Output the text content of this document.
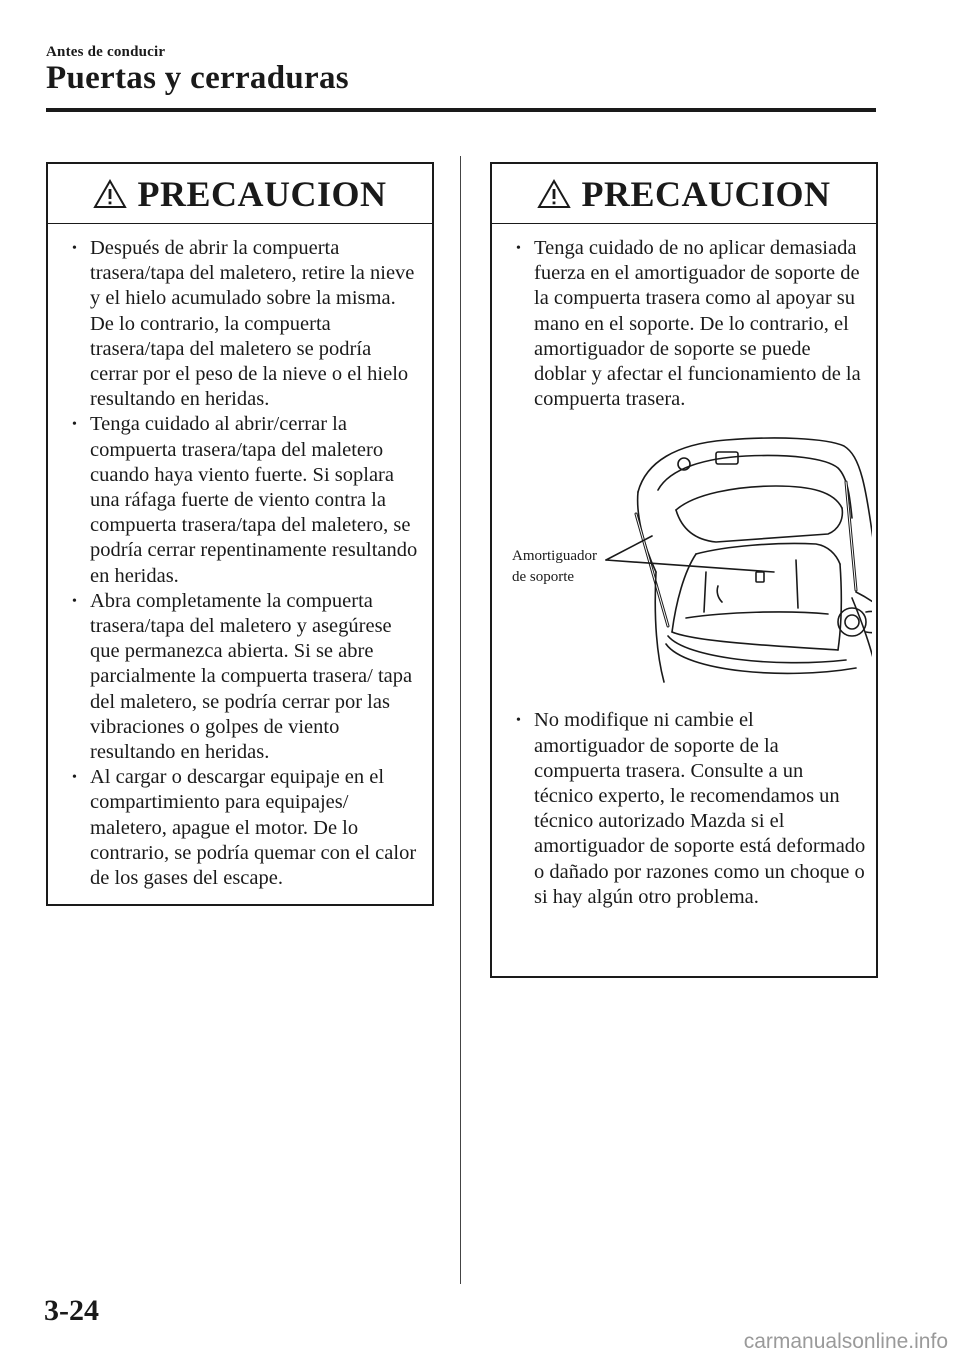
Antes de conducir
Puertas y cerraduras
PRECAUCION
• Después de abrir la compuerta trasera/tapa del maletero, retire la nieve y el hielo acumulado sobre la misma. De lo contrario, la compuerta trasera/tapa del maletero se podría cerrar por el peso de la nieve o el hielo resultando en heridas.
• Tenga cuidado al abrir/cerrar la compuerta trasera/tapa del maletero cuando haya viento fuerte. Si soplara una ráfaga fuerte de viento contra la compuerta trasera/tapa del maletero, se podría cerrar repentinamente resultando en heridas.
• Abra completamente la compuerta trasera/tapa del maletero y asegúrese que permanezca abierta. Si se abre parcialmente la compuerta trasera/ tapa del maletero, se podría cerrar por las vibraciones o golpes de viento resultando en heridas.
• Al cargar o descargar equipaje en el compartimiento para equipajes/ maletero, apague el motor. De lo contrario, se podría quemar con el calor de los gases del escape.
PRECAUCION
• Tenga cuidado de no aplicar demasiada fuerza en el amortiguador de soporte de la compuerta trasera como al apoyar su mano en el soporte. De lo contrario, el amortiguador de soporte se puede doblar y afectar el funcionamiento de la compuerta trasera.
Amortiguador
de soporte
• No modifique ni cambie el amortiguador de soporte de la compuerta trasera. Consulte a un técnico experto, le recomendamos un técnico autorizado Mazda si el amortiguador de soporte está deformado o dañado por razones como un choque o si hay algún otro problema.
3-24
carmanualsonline.info
